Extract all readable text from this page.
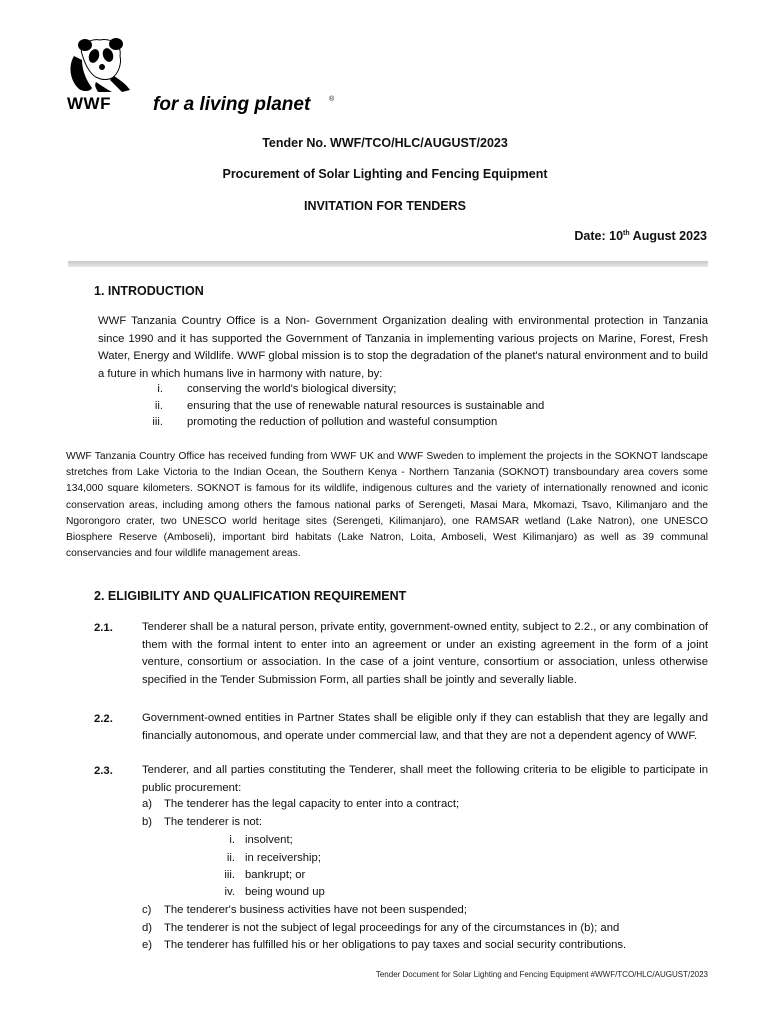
WWF for a living planet	®
Tender No. WWF/TCO/HLC/AUGUST/2023
Procurement of Solar Lighting and Fencing Equipment
INVITATION FOR TENDERS
Date: 10th August 2023
1. INTRODUCTION
WWF Tanzania Country Office is a Non- Government Organization dealing with environmental protection in Tanzania since 1990 and it has supported the Government of Tanzania in implementing various projects on Marine, Forest, Fresh Water, Energy and Wildlife. WWF global mission is to stop the degradation of the planet's natural environment and to build a future in which humans live in harmony with nature, by:
i. conserving the world's biological diversity;
ii. ensuring that the use of renewable natural resources is sustainable and
iii. promoting the reduction of pollution and wasteful consumption
WWF Tanzania Country Office has received funding from WWF UK and WWF Sweden to implement the projects in the SOKNOT landscape stretches from Lake Victoria to the Indian Ocean, the Southern Kenya - Northern Tanzania (SOKNOT) transboundary area covers some 134,000 square kilometers. SOKNOT is famous for its wildlife, indigenous cultures and the variety of internationally renowned and iconic conservation areas, including among others the famous national parks of Serengeti, Masai Mara, Mkomazi, Tsavo, Kilimanjaro and the Ngorongoro crater, two UNESCO world heritage sites (Serengeti, Kilimanjaro), one RAMSAR wetland (Lake Natron), one UNESCO Biosphere Reserve (Amboseli), important bird habitats (Lake Natron, Loita, Amboseli, West Kilimanjaro) as well as 39 communal conservancies and four wildlife management areas.
2. ELIGIBILITY AND QUALIFICATION REQUIREMENT
2.1.	Tenderer shall be a natural person, private entity, government-owned entity, subject to 2.2., or any combination of them with the formal intent to enter into an agreement or under an existing agreement in the form of a joint venture, consortium or association. In the case of a joint venture, consortium or association, unless otherwise specified in the Tender Submission Form, all parties shall be jointly and severally liable.
2.2.	Government-owned entities in Partner States shall be eligible only if they can establish that they are legally and financially autonomous, and operate under commercial law, and that they are not a dependent agency of WWF.
2.3.	Tenderer, and all parties constituting the Tenderer, shall meet the following criteria to be eligible to participate in public procurement:
a) The tenderer has the legal capacity to enter into a contract;
b) The tenderer is not:
i. insolvent;
ii. in receivership;
iii. bankrupt; or
iv. being wound up
c) The tenderer's business activities have not been suspended;
d) The tenderer is not the subject of legal proceedings for any of the circumstances in (b); and
e) The tenderer has fulfilled his or her obligations to pay taxes and social security contributions.
Tender Document for Solar Lighting and Fencing Equipment #WWF/TCO/HLC/AUGUST/2023
